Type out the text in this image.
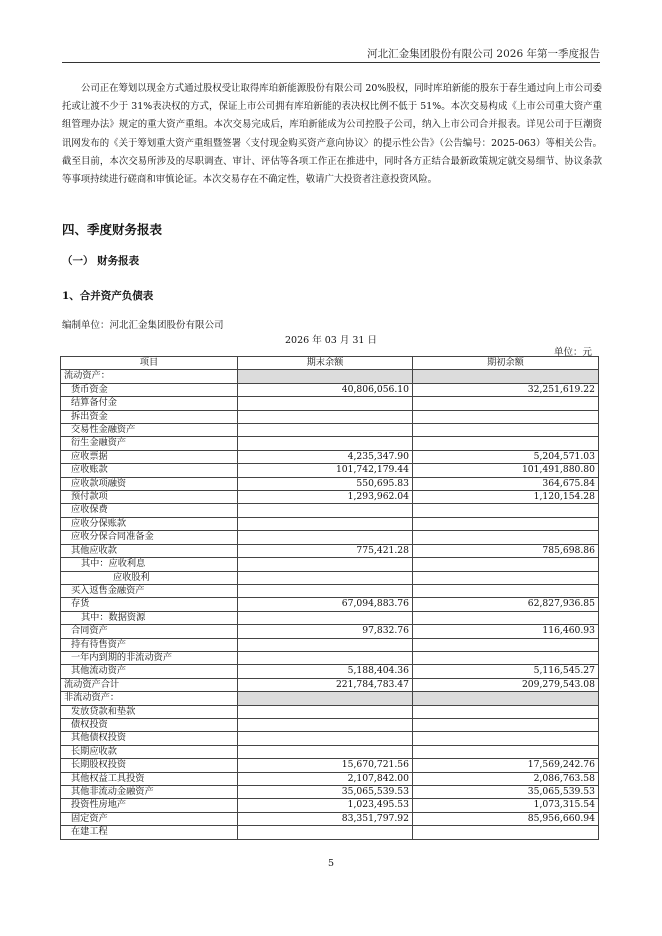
河北汇金集团股份有限公司 2026 年第一季度报告

公司正在筹划以现金方式通过股权受让取得库珀新能源股份有限公司 20%股权，同时库珀新能的股东于春生通过向上市公司委托或让渡不少于 31%表决权的方式，保证上市公司拥有库珀新能的表决权比例不低于 51%。本次交易构成《上市公司重大资产重组管理办法》规定的重大资产重组。本次交易完成后，库珀新能成为公司控股子公司，纳入上市公司合并报表。详见公司于巨潮资讯网发布的《关于筹划重大资产重组暨签署〈支付现金购买资产意向协议〉的提示性公告》（公告编号：2025-063）等相关公告。截至目前，本次交易所涉及的尽职调查、审计、评估等各项工作正在推进中，同时各方正结合最新政策规定就交易细节、协议条款等事项持续进行磋商和审慎论证。本次交易存在不确定性，敬请广大投资者注意投资风险。

四、季度财务报表
（一） 财务报表
1、合并资产负债表
编制单位：河北汇金集团股份有限公司
2026 年 03 月 31 日
单位：元
项目	期末余额	期初余额
流动资产：		
货币资金	40,806,056.10	32,251,619.22
结算备付金		
拆出资金		
交易性金融资产		
衍生金融资产		
应收票据	4,235,347.90	5,204,571.03
应收账款	101,742,179.44	101,491,880.80
应收款项融资	550,695.83	364,675.84
预付款项	1,293,962.04	1,120,154.28
应收保费		
应收分保账款		
应收分保合同准备金		
其他应收款	775,421.28	785,698.86
其中：应收利息		
应收股利		
买入返售金融资产		
存货	67,094,883.76	62,827,936.85
其中：数据资源		
合同资产	97,832.76	116,460.93
持有待售资产		
一年内到期的非流动资产		
其他流动资产	5,188,404.36	5,116,545.27
流动资产合计	221,784,783.47	209,279,543.08
非流动资产：		
发放贷款和垫款		
债权投资		
其他债权投资		
长期应收款		
长期股权投资	15,670,721.56	17,569,242.76
其他权益工具投资	2,107,842.00	2,086,763.58
其他非流动金融资产	35,065,539.53	35,065,539.53
投资性房地产	1,023,495.53	1,073,315.54
固定资产	83,351,797.92	85,956,660.94
在建工程		
5
